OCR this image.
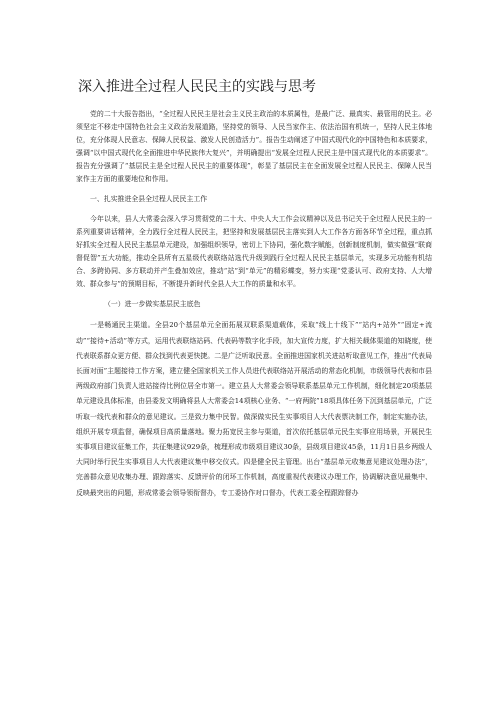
深入推进全过程人民民主的实践与思考

党的二十大报告指出，“全过程人民民主是社会主义民主政治的本质属性，是最广泛、最真实、最管用的民主。必须坚定不移走中国特色社会主义政治发展道路，坚持党的领导、人民当家作主、依法治国有机统一，坚持人民主体地位，充分体现人民意志、保障人民权益、激发人民创造活力”。报告生动阐述了中国式现代化的中国特色和本质要求，强调“以中国式现代化全面推进中华民族伟大复兴”，并明确提出“发展全过程人民民主是中国式现代化的本质要求”。报告充分强调了“基层民主是全过程人民民主的重要体现”，彰显了基层民主在全面发展全过程人民民主、保障人民当家作主方面的重要地位和作用。

一、扎实推进全县全过程人民民主工作

今年以来，县人大常委会深入学习贯彻党的二十大、中央人大工作会议精神以及总书记关于全过程人民民主的一系列重要讲话精神，全力践行全过程人民民主，把坚持和发展基层民主落实到人大工作各方面各环节全过程，重点抓好抓实全过程人民民主基层单元建设，加强组织领导，密切上下协同，强化数字赋能，创新制度机制，做实做强“联商督促智”五大功能，推动全县所有五星级代表联络站选代升级到践行全过程人民民主基层单元，实现多元功能有机结合、多跨协同、多方联动并产生叠加效应，推动“站”到“单元”的精彩蝶变，努力实现“党委认可、政府支持、人大增效、群众参与”的预期目标，不断提升新时代全县人大工作的质量和水平。

（一）进一步做实基层民主底色

一是畅通民主渠道。全县20个基层单元全面拓展双联系渠道载体，采取“线上十线下”“站内+站外”“固定+流动”“接待+活动”等方式，运用代表联络站码、代表码等数字化手段，加大宣传力度，扩大相关载体渠道的知晓度，使代表联系群众更方便、群众找到代表更快捷。二是广泛听取民意。全面推进国家机关进站听取意见工作，推出“代表局长面对面”主题接待工作方案，建立健全国家机关工作人员进代表联络站开展活动的常态化机制，市级领导代表和市县两级政府部门负责人进站接待比例位居全市第一。建立县人大常委会领导联系基层单元工作机制，细化制定20项基层单元建设具体标准，由县委发文明确将县人大常委会14项核心业务、“一府两院”18项具体任务下沉到基层单元，广泛听取一线代表和群众的意见建议。三是致力集中民智。做深做实民生实事项目人大代表票决制工作，制定实施办法，组织开展专项监督，确保项目高质量落地。聚力拓宽民主参与渠道，首次依托基层单元民生实事应用场景，开展民生实事项目建议征集工作，共征集建议929条，梳理形成市级项目建议30条，县级项目建议45条，11月1日县乡两级人大同时举行民生实事项目人大代表建议集中移交仪式。四是健全民主管理。出台“基层单元收集意见建议处理办法”，完善群众意见收集办理、跟踪落实、反馈评价的闭环工作机制，高度重视代表建议办理工作，协调解决意见最集中、反映最突出的问题，形成常委会领导领衔督办，专工委协作对口督办，代表工委全程跟踪督办
